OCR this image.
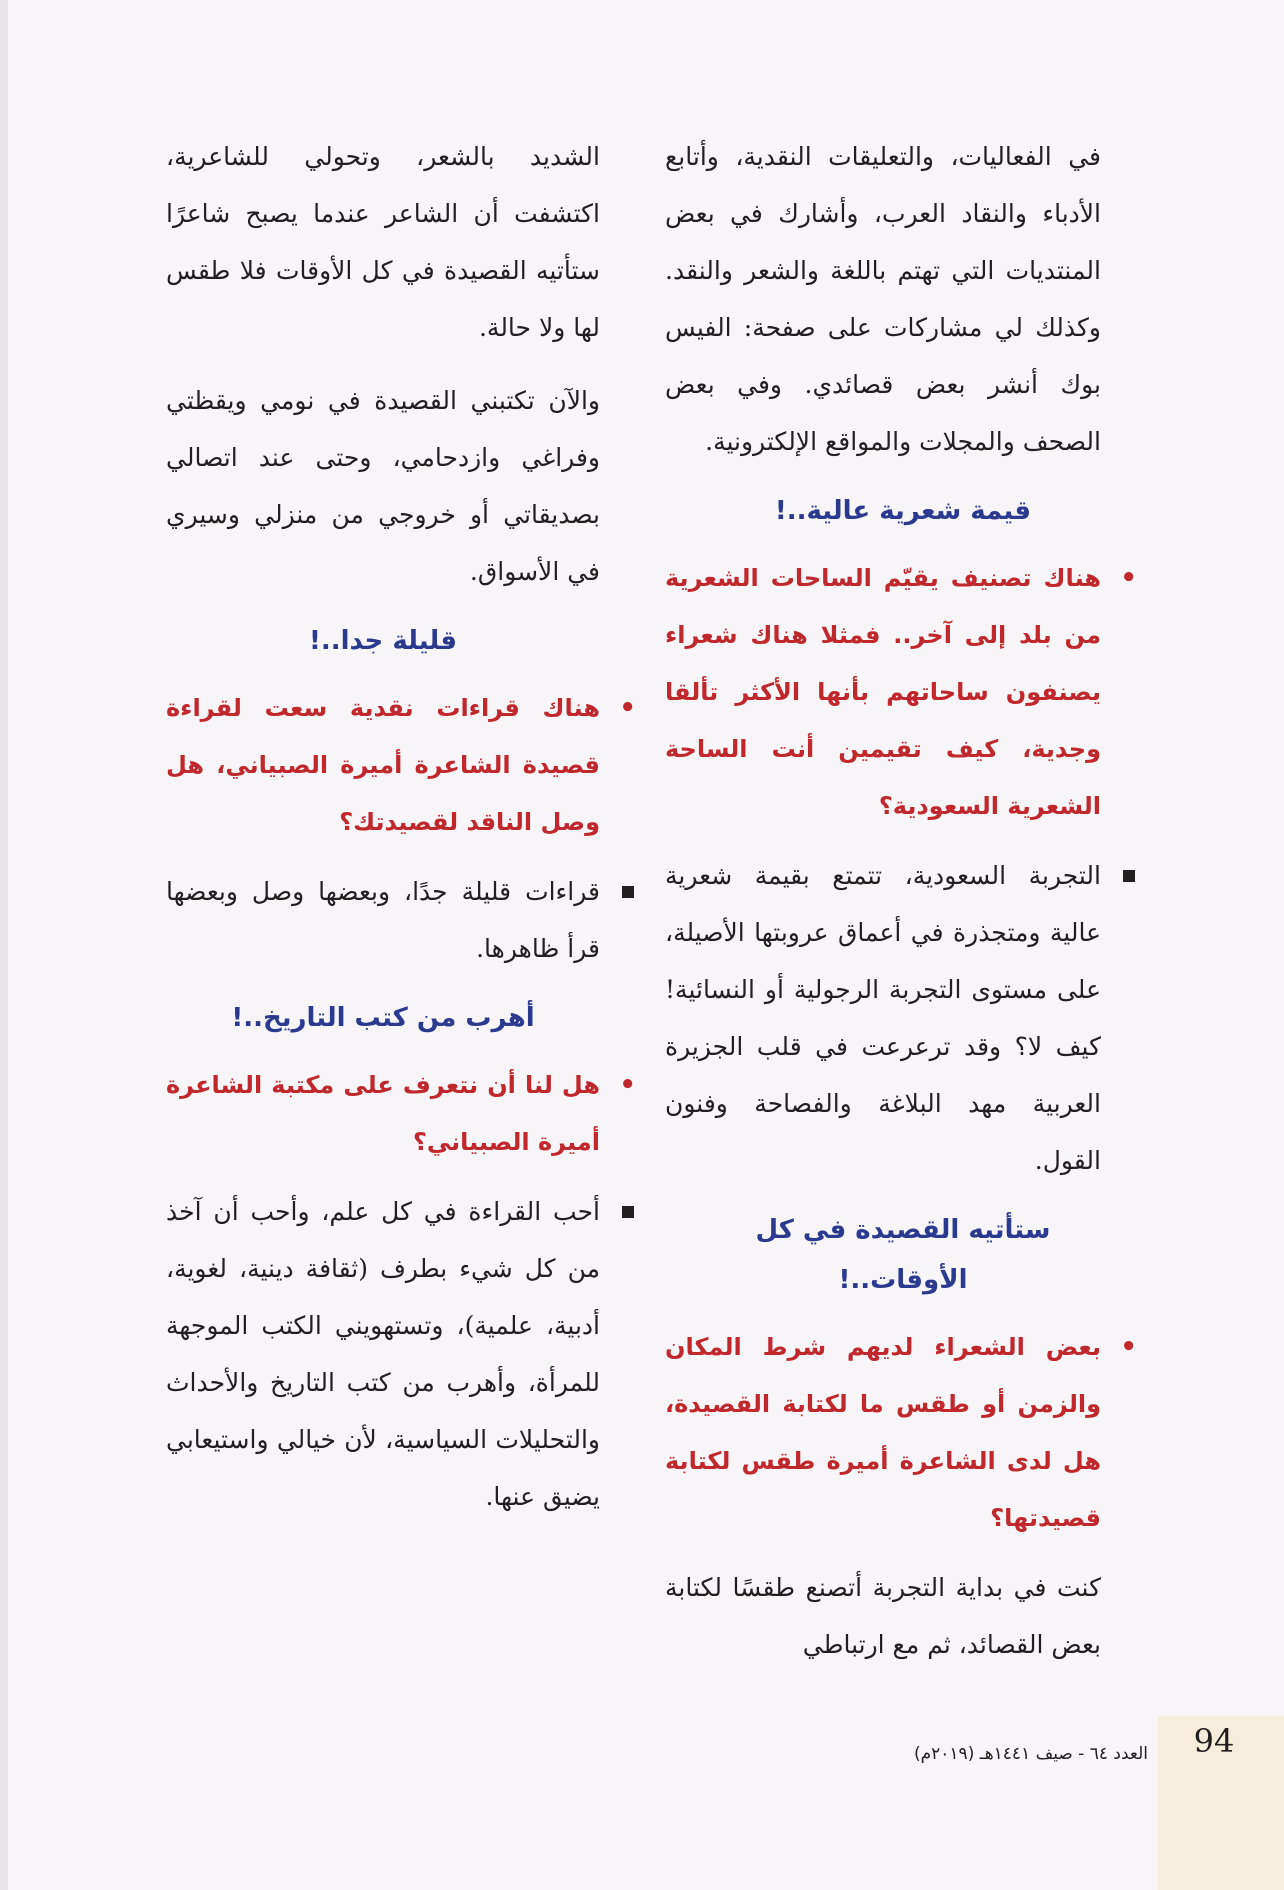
في الفعاليات، والتعليقات النقدية، وأتابع الأدباء والنقاد العرب، وأشارك في بعض المنتديات التي تهتم باللغة والشعر والنقد. وكذلك لي مشاركات على صفحة: الفيس بوك أنشر بعض قصائدي. وفي بعض الصحف والمجلات والمواقع الإلكترونية.

قيمة شعرية عالية..!
•
هناك تصنيف يقيّم الساحات الشعرية من بلد إلى آخر.. فمثلا هناك شعراء يصنفون ساحاتهم بأنها الأكثر تألقا وجدية، كيف تقيمين أنت الساحة الشعرية السعودية؟

التجربة السعودية، تتمتع بقيمة شعرية عالية ومتجذرة في أعماق عروبتها الأصيلة، على مستوى التجربة الرجولية أو النسائية! كيف لا؟ وقد ترعرعت في قلب الجزيرة العربية مهد البلاغة والفصاحة وفنون القول.

ستأتيه القصيدة في كل الأوقات..!
•
بعض الشعراء لديهم شرط المكان والزمن أو طقس ما لكتابة القصيدة، هل لدى الشاعرة أميرة طقس لكتابة قصيدتها؟

كنت في بداية التجربة أتصنع طقسًا لكتابة بعض القصائد، ثم مع ارتباطي

الشديد بالشعر، وتحولي للشاعرية، اكتشفت أن الشاعر عندما يصبح شاعرًا ستأتيه القصيدة في كل الأوقات فلا طقس لها ولا حالة.

والآن تكتبني القصيدة في نومي ويقظتي وفراغي وازدحامي، وحتى عند اتصالي بصديقاتي أو خروجي من منزلي وسيري في الأسواق.

قليلة جدا..!
•
هناك قراءات نقدية سعت لقراءة قصيدة الشاعرة أميرة الصبياني، هل وصل الناقد لقصيدتك؟

قراءات قليلة جدًا، وبعضها وصل وبعضها قرأ ظاهرها.

أهرب من كتب التاريخ..!
•
هل لنا أن نتعرف على مكتبة الشاعرة أميرة الصبياني؟

أحب القراءة في كل علم، وأحب أن آخذ من كل شيء بطرف (ثقافة دينية، لغوية، أدبية، علمية)، وتستهويني الكتب الموجهة للمرأة، وأهرب من كتب التاريخ والأحداث والتحليلات السياسية، لأن خيالي واستيعابي يضيق عنها.

94
العدد ٦٤ - صيف ١٤٤١هـ (٢٠١٩م)
